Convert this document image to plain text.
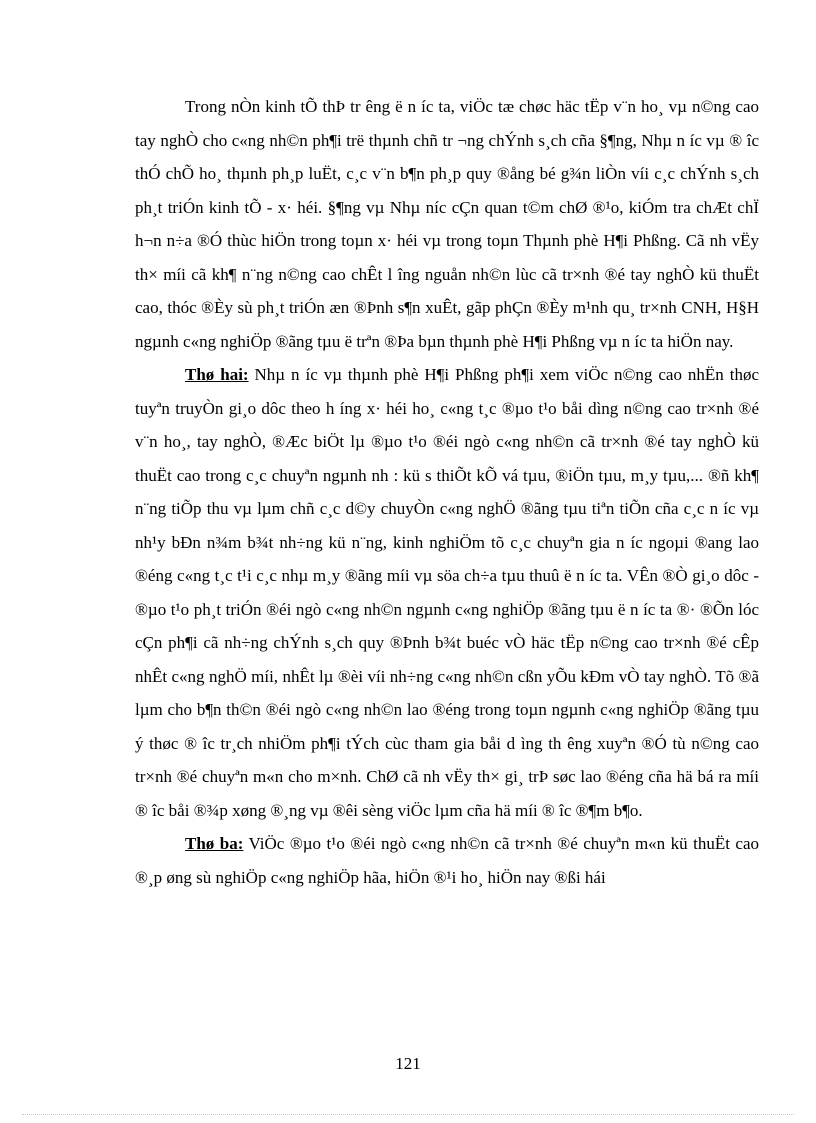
Trong nÒn kinh tÕ thÞ tr êng ë n íc ta, viÖc tæ chøc häc tËp v¨n ho¸ vµ n©ng cao tay nghÒ cho c«ng nh©n ph¶i trë thµnh chñ tr ¬ng chÝnh s¸ch cña §¶ng, Nhµ n íc vµ ® îc thÓ chÕ ho¸ thµnh ph¸p luËt, c¸c v¨n b¶n ph¸p quy ®ång bé g¾n liÒn víi c¸c chÝnh s¸ch ph¸t triÓn kinh tÕ - x· héi. §¶ng vµ Nhµ níc cÇn quan t©m chØ ®¹o, kiÓm tra chÆt chÏ h¬n n÷a ®Ó thùc hiÖn trong toµn x· héi vµ trong toµn Thµnh phè H¶i Phßng. Cã nh vËy th× míi cã kh¶ n¨ng n©ng cao chÊt l îng nguån nh©n lùc cã tr×nh ®é tay nghÒ kü thuËt cao, thóc ®Èy sù ph¸t triÓn æn ®Þnh s¶n xuÊt, gãp phÇn ®Èy m¹nh qu¸ tr×nh CNH, H§H ngµnh c«ng nghiÖp ®ãng tµu ë trªn ®Þa bµn thµnh phè H¶i Phßng vµ n íc ta hiÖn nay.

Thø hai: Nhµ n íc vµ thµnh phè H¶i Phßng ph¶i xem viÖc n©ng cao nhËn thøc tuyªn truyÒn gi¸o dôc theo h íng x· héi ho¸ c«ng t¸c ®µo t¹o båi dìng n©ng cao tr×nh ®é v¨n ho¸, tay nghÒ, ®Æc biÖt lµ ®µo t¹o ®éi ngò c«ng nh©n cã tr×nh ®é tay nghÒ kü thuËt cao trong c¸c chuyªn ngµnh nh : kü s thiÕt kÕ vá tµu, ®iÖn tµu, m¸y tµu,... ®ñ kh¶ n¨ng tiÕp thu vµ lµm chñ c¸c d©y chuyÒn c«ng nghÖ ®ãng tµu tiªn tiÕn cña c¸c n íc vµ nh¹y bÐn n¾m b¾t nh÷ng kü n¨ng, kinh nghiÖm tõ c¸c chuyªn gia n íc ngoµi ®ang lao ®éng c«ng t¸c t¹i c¸c nhµ m¸y ®ãng míi vµ söa ch÷a tµu thuû ë n íc ta. VÊn ®Ò gi¸o dôc - ®µo t¹o ph¸t triÓn ®éi ngò c«ng nh©n ngµnh c«ng nghiÖp ®ãng tµu ë n íc ta ®· ®Õn lóc cÇn ph¶i cã nh÷ng chÝnh s¸ch quy ®Þnh b¾t buéc vÒ häc tËp n©ng cao tr×nh ®é cÊp nhÊt c«ng nghÖ míi, nhÊt lµ ®èi víi nh÷ng c«ng nh©n cßn yÕu kÐm vÒ tay nghÒ. Tõ ®ã lµm cho b¶n th©n ®éi ngò c«ng nh©n lao ®éng trong toµn ngµnh c«ng nghiÖp ®ãng tµu ý thøc ® îc tr¸ch nhiÖm ph¶i tÝch cùc tham gia båi d ìng th êng xuyªn ®Ó tù n©ng cao tr×nh ®é chuyªn m«n cho m×nh. ChØ cã nh vËy th× gi¸ trÞ søc lao ®éng cña hä bá ra míi ® îc båi ®¾p xøng ®¸ng vµ ®êi sèng viÖc lµm cña hä míi ® îc ®¶m b¶o.

Thø ba: ViÖc ®µo t¹o ®éi ngò c«ng nh©n cã tr×nh ®é chuyªn m«n kü thuËt cao ®¸p øng sù nghiÖp c«ng nghiÖp hãa, hiÖn ®¹i ho¸ hiÖn nay ®ßi hái

121
